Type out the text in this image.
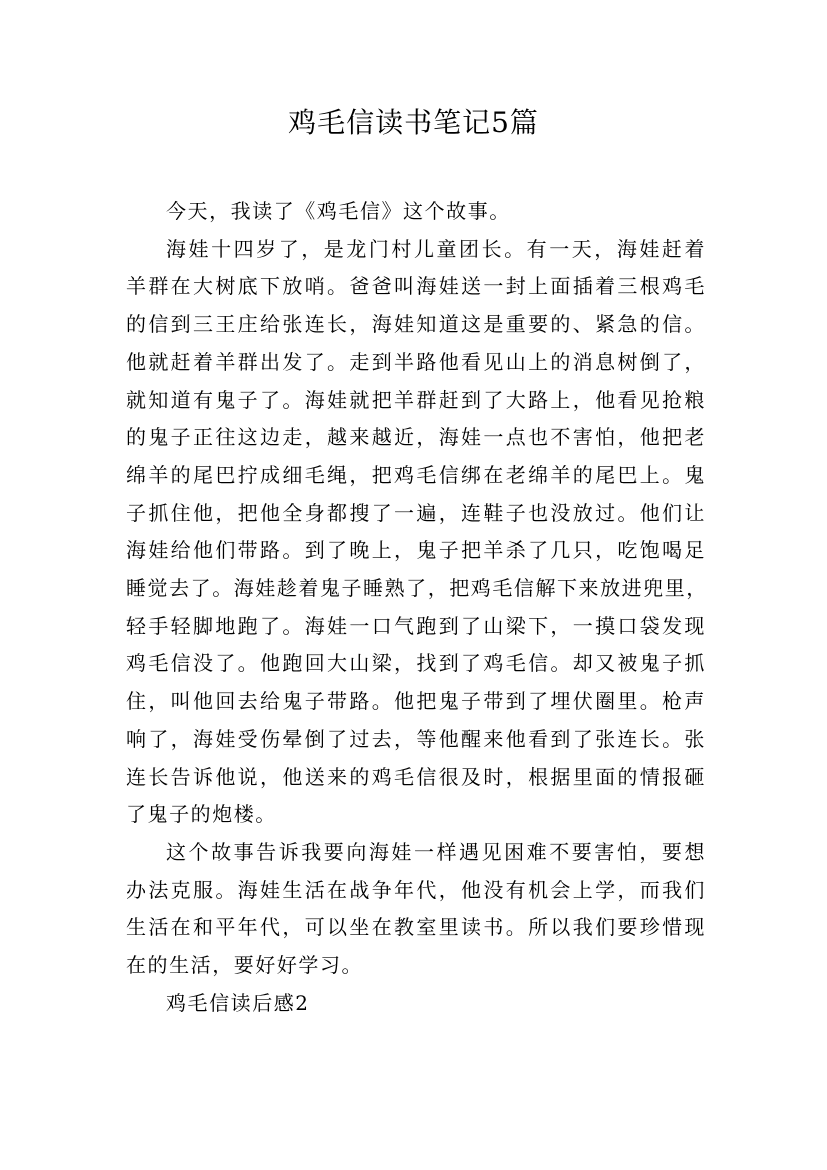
鸡毛信读书笔记5篇
今天，我读了《鸡毛信》这个故事。
海娃十四岁了，是龙门村儿童团长。有一天，海娃赶着
羊群在大树底下放哨。爸爸叫海娃送一封上面插着三根鸡毛
的信到三王庄给张连长，海娃知道这是重要的、紧急的信。
他就赶着羊群出发了。走到半路他看见山上的消息树倒了，
就知道有鬼子了。海娃就把羊群赶到了大路上，他看见抢粮
的鬼子正往这边走，越来越近，海娃一点也不害怕，他把老
绵羊的尾巴拧成细毛绳，把鸡毛信绑在老绵羊的尾巴上。鬼
子抓住他，把他全身都搜了一遍，连鞋子也没放过。他们让
海娃给他们带路。到了晚上，鬼子把羊杀了几只，吃饱喝足
睡觉去了。海娃趁着鬼子睡熟了，把鸡毛信解下来放进兜里，
轻手轻脚地跑了。海娃一口气跑到了山梁下，一摸口袋发现
鸡毛信没了。他跑回大山梁，找到了鸡毛信。却又被鬼子抓
住，叫他回去给鬼子带路。他把鬼子带到了埋伏圈里。枪声
响了，海娃受伤晕倒了过去，等他醒来他看到了张连长。张
连长告诉他说，他送来的鸡毛信很及时，根据里面的情报砸
了鬼子的炮楼。
这个故事告诉我要向海娃一样遇见困难不要害怕，要想
办法克服。海娃生活在战争年代，他没有机会上学，而我们
生活在和平年代，可以坐在教室里读书。所以我们要珍惜现
在的生活，要好好学习。
鸡毛信读后感2
